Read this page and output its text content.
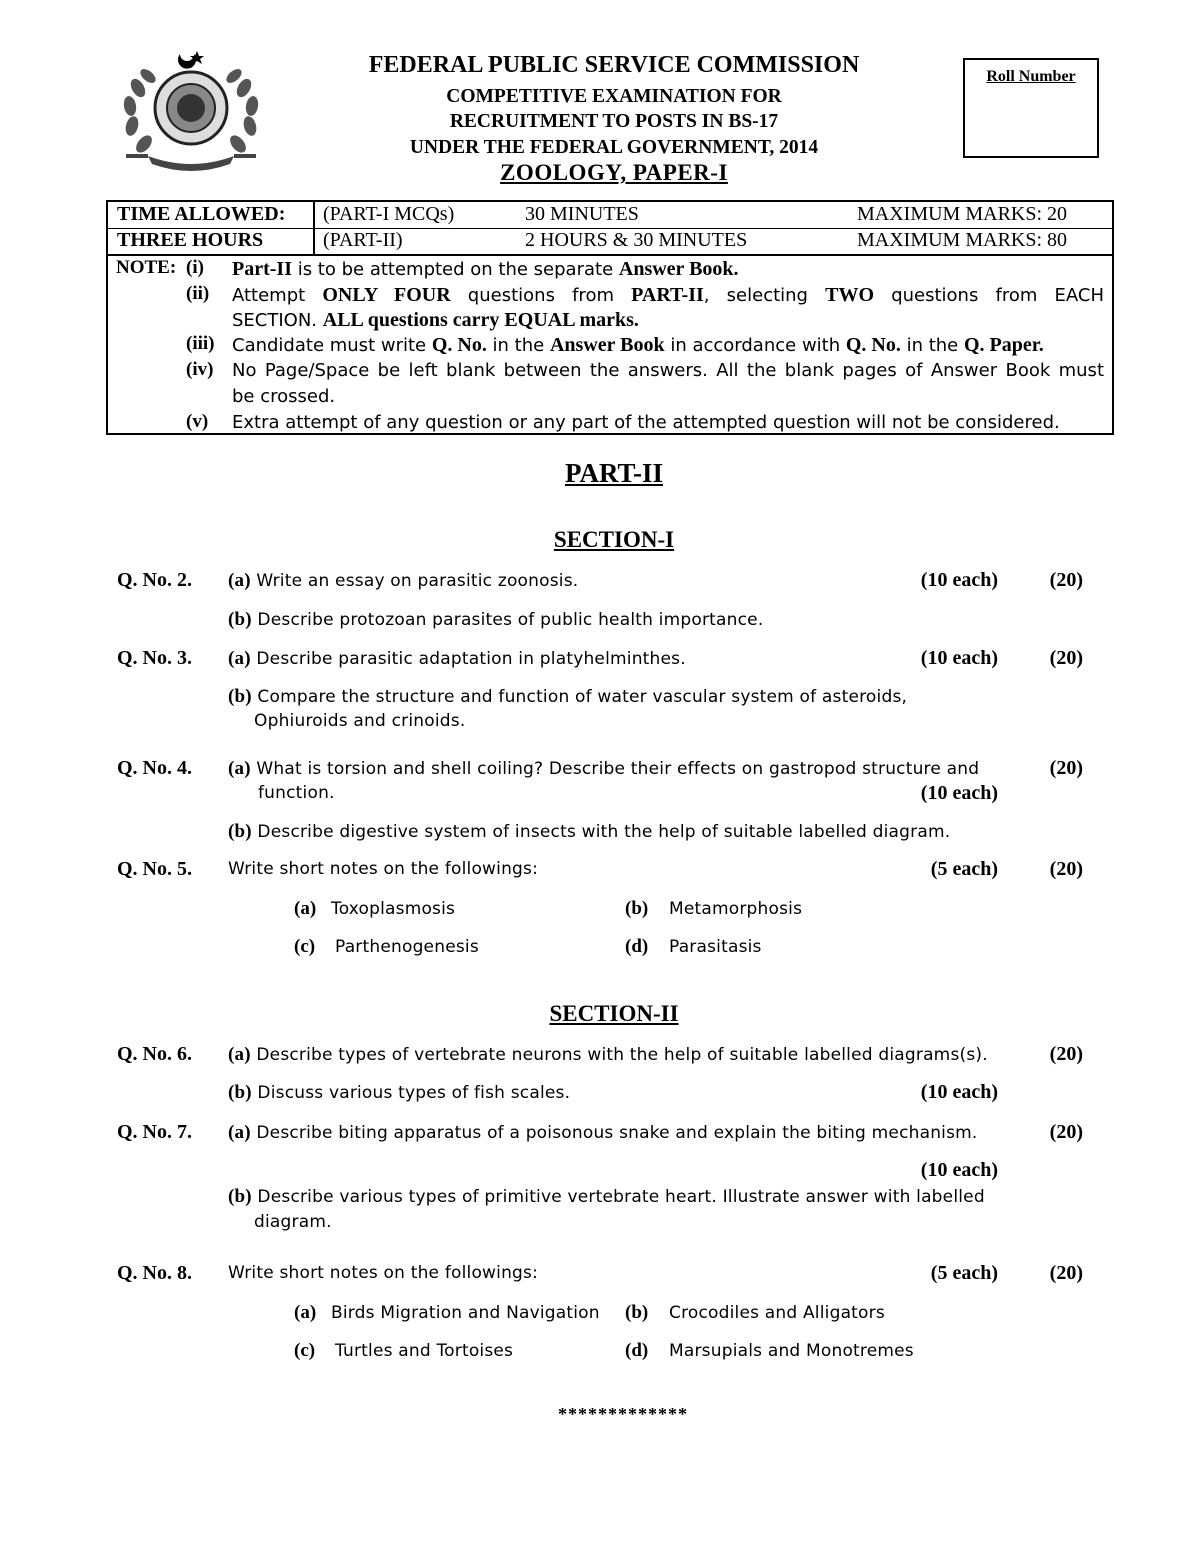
FEDERAL PUBLIC SERVICE COMMISSION
COMPETITIVE EXAMINATION FOR
RECRUITMENT TO POSTS IN BS-17
UNDER THE FEDERAL GOVERNMENT, 2014
ZOOLOGY, PAPER-I
Roll Number
TIME ALLOWED: (PART-I MCQs)	30 MINUTES	MAXIMUM MARKS: 20
THREE HOURS	(PART-II)	2 HOURS & 30 MINUTES	MAXIMUM MARKS: 80
NOTE: (i) Part-II is to be attempted on the separate Answer Book.
(ii) Attempt ONLY FOUR questions from PART-II, selecting TWO questions from EACH
SECTION. ALL questions carry EQUAL marks.
(iii) Candidate must write Q. No. in the Answer Book in accordance with Q. No. in the Q. Paper.
(iv) No Page/Space be left blank between the answers. All the blank pages of Answer Book must
be crossed.
(v) Extra attempt of any question or any part of the attempted question will not be considered.
PART-II
SECTION-I
Q. No. 2. (a) Write an essay on parasitic zoonosis.	(10 each)	(20)
(b) Describe protozoan parasites of public health importance.
Q. No. 3. (a) Describe parasitic adaptation in platyhelminthes.	(10 each)	(20)
(b) Compare the structure and function of water vascular system of asteroids,
Ophiuroids and crinoids.
Q. No. 4. (a) What is torsion and shell coiling? Describe their effects on gastropod structure and	(20)
function.	(10 each)
(b) Describe digestive system of insects with the help of suitable labelled diagram.
Q. No. 5. Write short notes on the followings:	(5 each)	(20)
(a) Toxoplasmosis	(b) Metamorphosis
(c) Parthenogenesis	(d) Parasitasis
SECTION-II
Q. No. 6. (a) Describe types of vertebrate neurons with the help of suitable labelled diagrams(s).	(20)
(b) Discuss various types of fish scales.	(10 each)
Q. No. 7. (a) Describe biting apparatus of a poisonous snake and explain the biting mechanism.	(20)
(10 each)
(b) Describe various types of primitive vertebrate heart. Illustrate answer with labelled
diagram.
Q. No. 8. Write short notes on the followings:	(5 each)	(20)
(a) Birds Migration and Navigation (b) Crocodiles and Alligators
(c) Turtles and Tortoises	(d) Marsupials and Monotremes
*************
